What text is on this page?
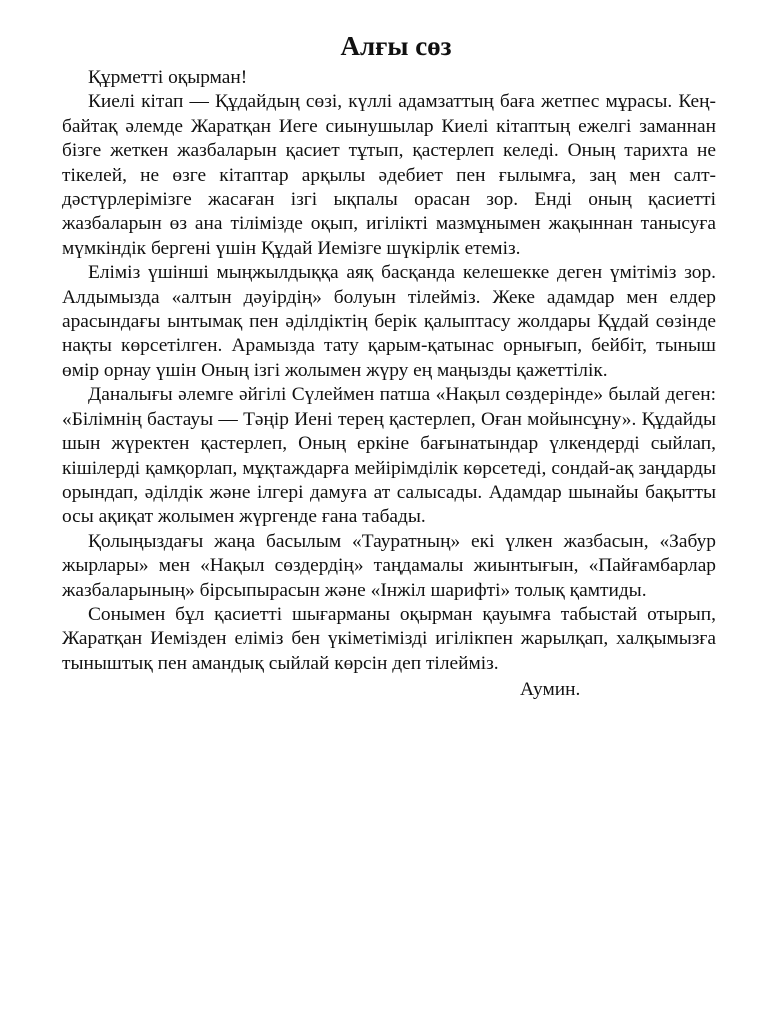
Алғы сөз

Құрметті оқырман!

Киелі кітап — Құдайдың сөзі, күллі адамзаттың баға жетпес мұрасы. Кең-байтақ әлемде Жаратқан Иеге сиынушылар Киелі кітаптың ежелгі заманнан бізге жеткен жазбаларын қасиет тұтып, қастерлеп келеді. Оның тарихта не тікелей, не өзге кітаптар арқылы әдебиет пен ғылымға, заң мен салт-дәстүрлерімізге жасаған ізгі ықпалы орасан зор. Енді оның қасиетті жазбаларын өз ана тілімізде оқып, игілікті мазмұнымен жақыннан танысуға мүмкіндік бергені үшін Құдай Иемізге шүкірлік етеміз.

Еліміз үшінші мыңжылдыққа аяқ басқанда келешекке деген үмітіміз зор. Алдымызда «алтын дәуірдің» болуын тілейміз. Жеке адамдар мен елдер арасындағы ынтымақ пен әділдіктің берік қалыптасу жолдары Құдай сөзінде нақты көрсетілген. Арамызда тату қарым-қатынас орнығып, бейбіт, тыныш өмір орнау үшін Оның ізгі жолымен жүру ең маңызды қажеттілік.

Даналығы әлемге әйгілі Сүлеймен патша «Нақыл сөздерінде» былай деген: «Білімнің бастауы — Тәңір Иені терең қастерлеп, Оған мойынсұну». Құдайды шын жүректен қастерлеп, Оның еркіне бағынатындар үлкендерді сыйлап, кішілерді қамқорлап, мұқтаждарға мейірімділік көрсетеді, сондай-ақ заңдарды орындап, әділдік және ілгері дамуға ат салысады. Адамдар шынайы бақытты осы ақиқат жолымен жүргенде ғана табады.

Қолыңыздағы жаңа басылым «Тауратның» екі үлкен жазбасын, «Забур жырлары» мен «Нақыл сөздердің» таңдамалы жиынтығын, «Пайғамбарлар жазбаларының» бірсыпырасын және «Інжіл шарифті» толық қамтиды.

Сонымен бұл қасиетті шығарманы оқырман қауымға табыстай отырып, Жаратқан Иемізден еліміз бен үкіметімізді игілікпен жарылқап, халқымызға тыныштық пен амандық сыйлай көрсін деп тілейміз.

Аумин.
